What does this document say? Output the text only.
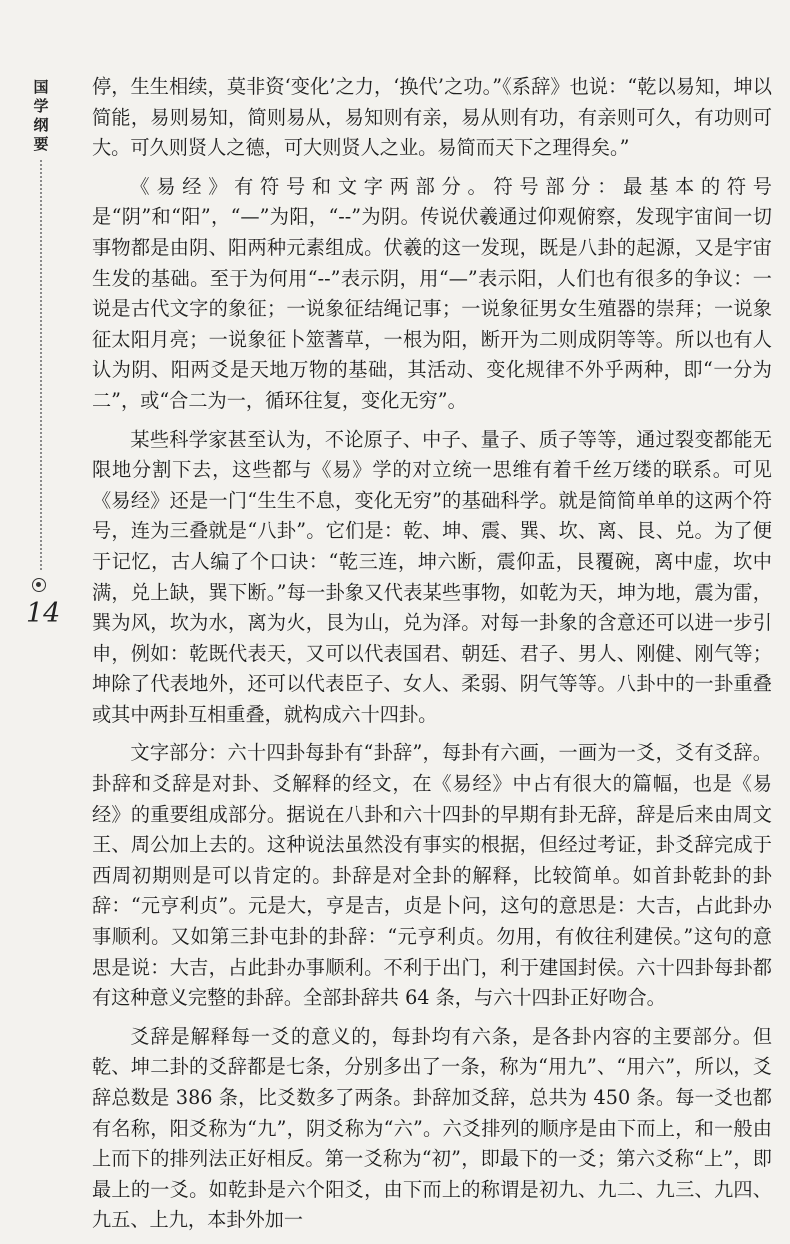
国学纲要
14

停，生生相续，莫非资‘变化’之力，‘换代’之功。”《系辞》也说：“乾以易知，坤以简能，易则易知，简则易从，易知则有亲，易从则有功，有亲则可久，有功则可大。可久则贤人之德，可大则贤人之业。易简而天下之理得矣。”

《易经》有符号和文字两部分。符号部分：最基本的符号是“阴”和“阳”，“—”为阳，“--”为阴。传说伏羲通过仰观俯察，发现宇宙间一切事物都是由阴、阳两种元素组成。伏羲的这一发现，既是八卦的起源，又是宇宙生发的基础。至于为何用“--”表示阴，用“—”表示阳，人们也有很多的争议：一说是古代文字的象征；一说象征结绳记事；一说象征男女生殖器的崇拜；一说象征太阳月亮；一说象征卜筮蓍草，一根为阳，断开为二则成阴等等。所以也有人认为阴、阳两爻是天地万物的基础，其活动、变化规律不外乎两种，即“一分为二”，或“合二为一，循环往复，变化无穷”。

某些科学家甚至认为，不论原子、中子、量子、质子等等，通过裂变都能无限地分割下去，这些都与《易》学的对立统一思维有着千丝万缕的联系。可见《易经》还是一门“生生不息，变化无穷”的基础科学。就是简简单单的这两个符号，连为三叠就是“八卦”。它们是：乾、坤、震、巽、坎、离、艮、兑。为了便于记忆，古人编了个口诀：“乾三连，坤六断，震仰盂，艮覆碗，离中虚，坎中满，兑上缺，巽下断。”每一卦象又代表某些事物，如乾为天，坤为地，震为雷，巽为风，坎为水，离为火，艮为山，兑为泽。对每一卦象的含意还可以进一步引申，例如：乾既代表天，又可以代表国君、朝廷、君子、男人、刚健、刚气等；坤除了代表地外，还可以代表臣子、女人、柔弱、阴气等等。八卦中的一卦重叠或其中两卦互相重叠，就构成六十四卦。

文字部分：六十四卦每卦有“卦辞”，每卦有六画，一画为一爻，爻有爻辞。卦辞和爻辞是对卦、爻解释的经文，在《易经》中占有很大的篇幅，也是《易经》的重要组成部分。据说在八卦和六十四卦的早期有卦无辞，辞是后来由周文王、周公加上去的。这种说法虽然没有事实的根据，但经过考证，卦爻辞完成于西周初期则是可以肯定的。卦辞是对全卦的解释，比较简单。如首卦乾卦的卦辞：“元亨利贞”。元是大，亨是吉，贞是卜问，这句的意思是：大吉，占此卦办事顺利。又如第三卦屯卦的卦辞：“元亨利贞。勿用，有攸往利建侯。”这句的意思是说：大吉，占此卦办事顺利。不利于出门，利于建国封侯。六十四卦每卦都有这种意义完整的卦辞。全部卦辞共 64 条，与六十四卦正好吻合。

爻辞是解释每一爻的意义的，每卦均有六条，是各卦内容的主要部分。但乾、坤二卦的爻辞都是七条，分别多出了一条，称为“用九”、“用六”，所以，爻辞总数是 386 条，比爻数多了两条。卦辞加爻辞，总共为 450 条。每一爻也都有名称，阳爻称为“九”，阴爻称为“六”。六爻排列的顺序是由下而上，和一般由上而下的排列法正好相反。第一爻称为“初”，即最下的一爻；第六爻称“上”，即最上的一爻。如乾卦是六个阳爻，由下而上的称谓是初九、九二、九三、九四、九五、上九，本卦外加一
